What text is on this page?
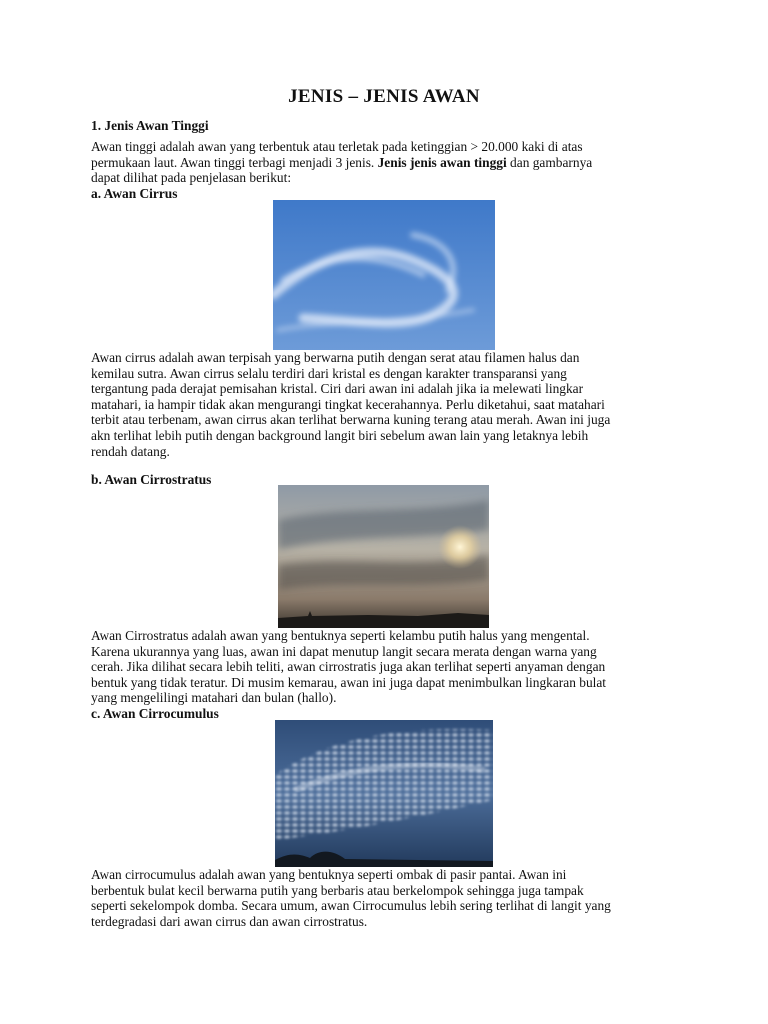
JENIS – JENIS AWAN
1. Jenis Awan Tinggi
Awan tinggi adalah awan yang terbentuk atau terletak pada ketinggian > 20.000 kaki di atas
permukaan laut. Awan tinggi terbagi menjadi 3 jenis. Jenis jenis awan tinggi dan gambarnya
dapat dilihat pada penjelasan berikut:
a. Awan Cirrus
Awan cirrus adalah awan terpisah yang berwarna putih dengan serat atau filamen halus dan
kemilau sutra. Awan cirrus selalu terdiri dari kristal es dengan karakter transparansi yang
tergantung pada derajat pemisahan kristal. Ciri dari awan ini adalah jika ia melewati lingkar
matahari, ia hampir tidak akan mengurangi tingkat kecerahannya. Perlu diketahui, saat matahari
terbit atau terbenam, awan cirrus akan terlihat berwarna kuning terang atau merah. Awan ini juga
akn terlihat lebih putih dengan background langit biri sebelum awan lain yang letaknya lebih
rendah datang.
b. Awan Cirrostratus
Awan Cirrostratus adalah awan yang bentuknya seperti kelambu putih halus yang mengental.
Karena ukurannya yang luas, awan ini dapat menutup langit secara merata dengan warna yang
cerah. Jika dilihat secara lebih teliti, awan cirrostratis juga akan terlihat seperti anyaman dengan
bentuk yang tidak teratur. Di musim kemarau, awan ini juga dapat menimbulkan lingkaran bulat
yang mengelilingi matahari dan bulan (hallo).
c. Awan Cirrocumulus
Awan cirrocumulus adalah awan yang bentuknya seperti ombak di pasir pantai. Awan ini
berbentuk bulat kecil berwarna putih yang berbaris atau berkelompok sehingga juga tampak
seperti sekelompok domba. Secara umum, awan Cirrocumulus lebih sering terlihat di langit yang
terdegradasi dari awan cirrus dan awan cirrostratus.
